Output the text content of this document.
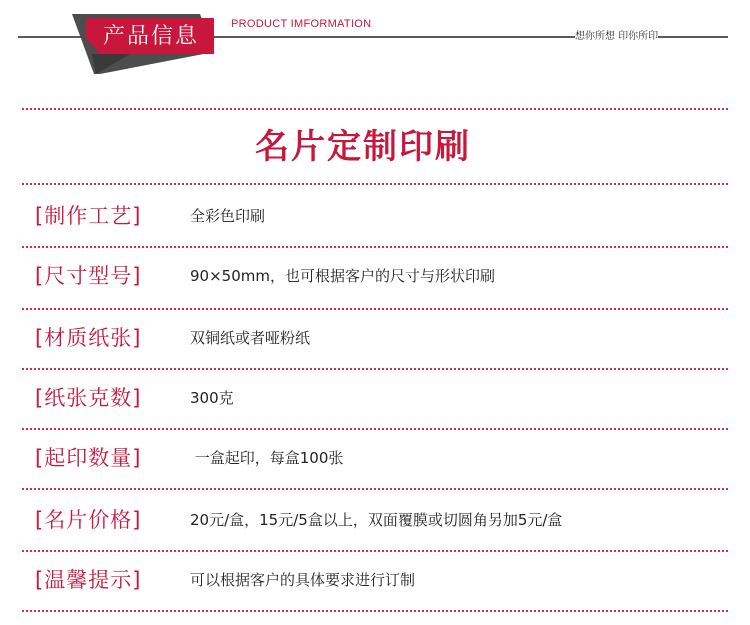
产品信息	PRODUCT IMFORMATION
想你所想 印你所印
名片定制印刷
[制作工艺]	全彩色印刷
[尺寸型号]	90×50mm，也可根据客户的尺寸与形状印刷
[材质纸张]	双铜纸或者哑粉纸
[纸张克数]	300克
[起印数量]	一盒起印，每盒100张
[名片价格]	20元/盒，15元/5盒以上，双面覆膜或切圆角另加5元/盒
[温馨提示]	可以根据客户的具体要求进行订制
